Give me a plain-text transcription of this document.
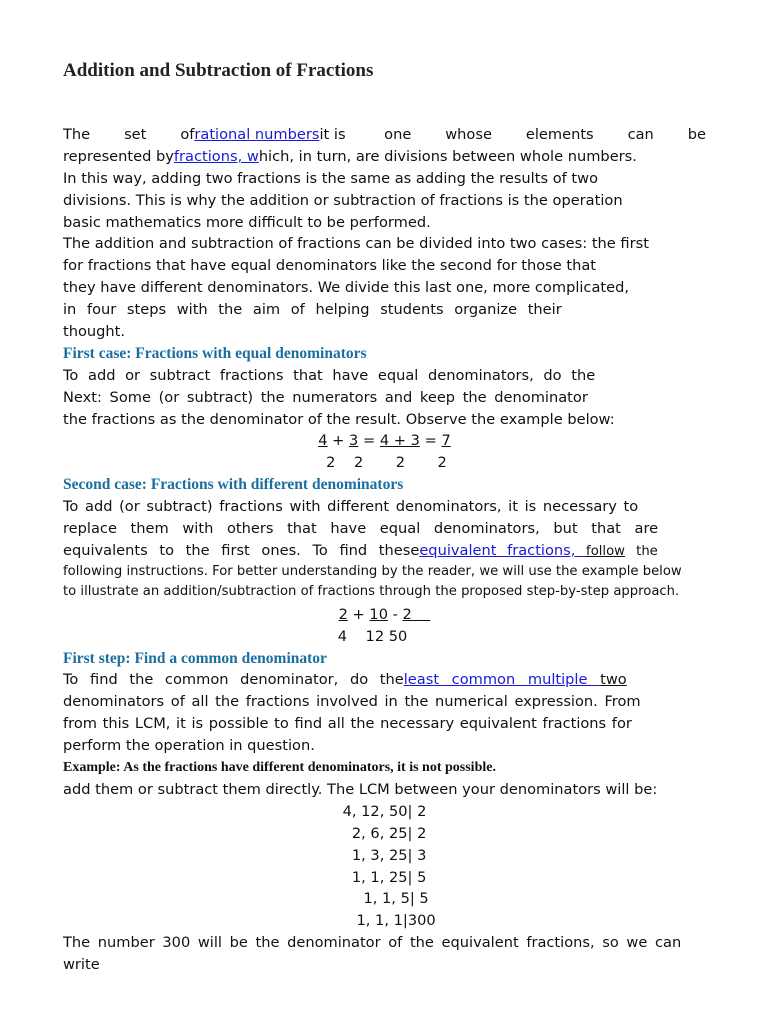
Addition and Subtraction of Fractions
The set ofrational numbersit is one whose elements can be
represented byfractions, which, in turn, are divisions between whole numbers.
In this way, adding two fractions is the same as adding the results of two
divisions. This is why the addition or subtraction of fractions is the operation
basic mathematics more difficult to be performed.
The addition and subtraction of fractions can be divided into two cases: the first
for fractions that have equal denominators like the second for those that
they have different denominators. We divide this last one, more complicated,
in four steps with the aim of helping students organize their
thought.
First case: Fractions with equal denominators
To add or subtract fractions that have equal denominators, do the
Next: Some (or subtract) the numerators and keep the denominator
the fractions as the denominator of the result. Observe the example below:
4 + 3 = 4 + 3 = 7
2    2       2       2
Second case: Fractions with different denominators
To add (or subtract) fractions with different denominators, it is necessary to
replace them with others that have equal denominators, but that are
equivalents to the first ones. To find theseequivalent fractions, follow the
following instructions. For better understanding by the reader, we will use the example below
to illustrate an addition/subtraction of fractions through the proposed step-by-step approach.
2 + 10 - 2
4    12 50
First step: Find a common denominator
To find the common denominator, do theleast common multiple two
denominators of all the fractions involved in the numerical expression. From
from this LCM, it is possible to find all the necessary equivalent fractions for
perform the operation in question.
Example: As the fractions have different denominators, it is not possible.
add them or subtract them directly. The LCM between your denominators will be:
4, 12, 50| 2
2, 6, 25| 2
1, 3, 25| 3
1, 1, 25| 5
1, 1, 5| 5
1, 1, 1|300
The number 300 will be the denominator of the equivalent fractions, so we can
write
